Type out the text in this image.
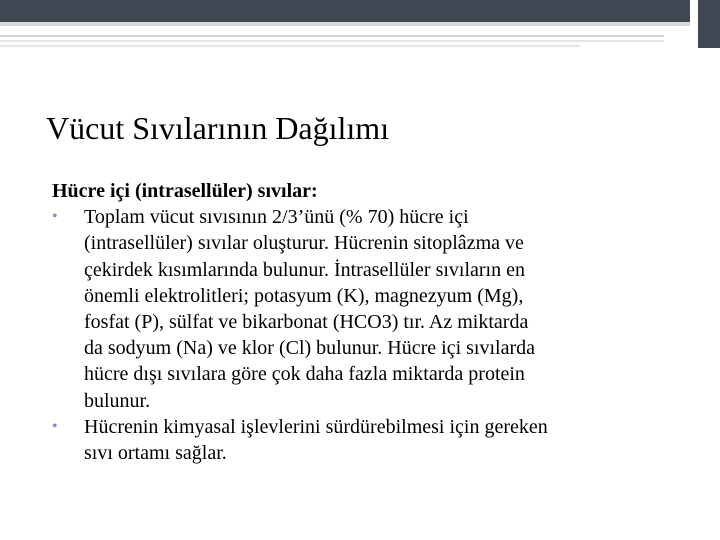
Vücut Sıvılarının Dağılımı

Hücre içi (intrasellüler) sıvılar:

• Toplam vücut sıvısının 2/3’ünü (% 70) hücre içi
(intrasellüler) sıvılar oluşturur. Hücrenin sitoplâzma ve
çekirdek kısımlarında bulunur. İntrasellüler sıvıların en
önemli elektrolitleri; potasyum (K), magnezyum (Mg),
fosfat (P), sülfat ve bikarbonat (HCO3) tır. Az miktarda
da sodyum (Na) ve klor (Cl) bulunur. Hücre içi sıvılarda
hücre dışı sıvılara göre çok daha fazla miktarda protein
bulunur.
• Hücrenin kimyasal işlevlerini sürdürebilmesi için gereken
sıvı ortamı sağlar.
